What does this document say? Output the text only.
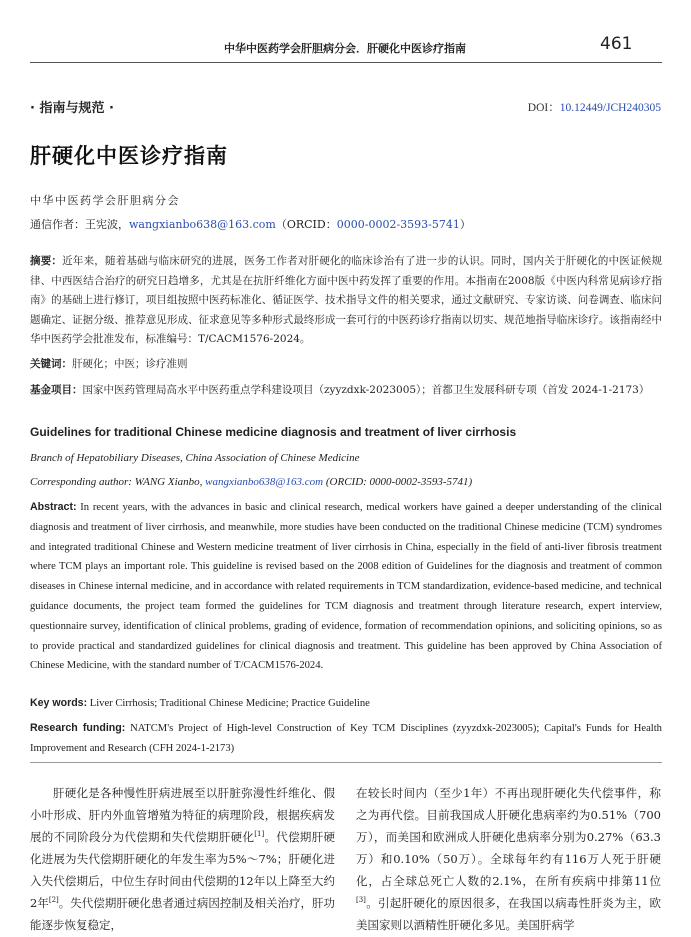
中华中医药学会肝胆病分会．肝硬化中医诊疗指南	461
· 指南与规范 ·	DOI：10.12449/JCH240305
肝硬化中医诊疗指南
中华中医药学会肝胆病分会
通信作者：王宪波，wangxianbo638@163.com（ORCID：0000-0002-3593-5741）
摘要：近年来，随着基础与临床研究的进展，医务工作者对肝硬化的临床诊治有了进一步的认识。同时，国内关于肝硬化的中医证候规律、中西医结合治疗的研究日趋增多，尤其是在抗肝纤维化方面中医中药发挥了重要的作用。本指南在2008版《中医内科常见病诊疗指南》的基础上进行修订，项目组按照中医药标准化、循证医学、技术指导文件的相关要求，通过文献研究、专家访谈、问卷调查、临床问题确定、证据分级、推荐意见形成、征求意见等多种形式最终形成一套可行的中医药诊疗指南以切实、规范地指导临床诊疗。该指南经中华中医药学会批准发布，标准编号：T/CACM1576-2024。
关键词：肝硬化；中医；诊疗准则
基金项目：国家中医药管理局高水平中医药重点学科建设项目（zyyzdxk-2023005）；首都卫生发展科研专项（首发 2024-1-2173）
Guidelines for traditional Chinese medicine diagnosis and treatment of liver cirrhosis
Branch of Hepatobiliary Diseases, China Association of Chinese Medicine
Corresponding author: WANG Xianbo, wangxianbo638@163.com (ORCID: 0000-0002-3593-5741)
Abstract: In recent years, with the advances in basic and clinical research, medical workers have gained a deeper understanding of the clinical diagnosis and treatment of liver cirrhosis, and meanwhile, more studies have been conducted on the traditional Chinese medicine (TCM) syndromes and integrated traditional Chinese and Western medicine treatment of liver cirrhosis in China, especially in the field of anti-liver fibrosis treatment where TCM plays an important role. This guideline is revised based on the 2008 edition of Guidelines for the diagnosis and treatment of common diseases in Chinese internal medicine, and in accordance with related requirements in TCM standardization, evidence-based medicine, and technical guidance documents, the project team formed the guidelines for TCM diagnosis and treatment through literature research, expert interview, questionnaire survey, identification of clinical problems, grading of evidence, formation of recommendation opinions, and soliciting opinions, so as to provide practical and standardized guidelines for clinical diagnosis and treatment. This guideline has been approved by China Association of Chinese Medicine, with the standard number of T/CACM1576-2024.
Key words: Liver Cirrhosis; Traditional Chinese Medicine; Practice Guideline
Research funding: NATCM's Project of High-level Construction of Key TCM Disciplines (zyyzdxk-2023005); Capital's Funds for Health Improvement and Research (CFH 2024-1-2173)

肝硬化是各种慢性肝病进展至以肝脏弥漫性纤维化、假小叶形成、肝内外血管增殖为特征的病理阶段，根据疾病发展的不同阶段分为代偿期和失代偿期肝硬化[1]。代偿期肝硬化进展为失代偿期肝硬化的年发生率为5%～7%；肝硬化进入失代偿期后，中位生存时间由代偿期的12年以上降至大约2年[2]。失代偿期肝硬化患者通过病因控制及相关治疗，肝功能逐步恢复稳定，

在较长时间内（至少1年）不再出现肝硬化失代偿事件，称之为再代偿。目前我国成人肝硬化患病率约为0.51%（700万），而美国和欧洲成人肝硬化患病率分别为0.27%（63.3万）和0.10%（50万）。全球每年约有116万人死于肝硬化，占全球总死亡人数的2.1%，在所有疾病中排第11位[3]。引起肝硬化的原因很多，在我国以病毒性肝炎为主，欧美国家则以酒精性肝硬化多见。美国肝病学
